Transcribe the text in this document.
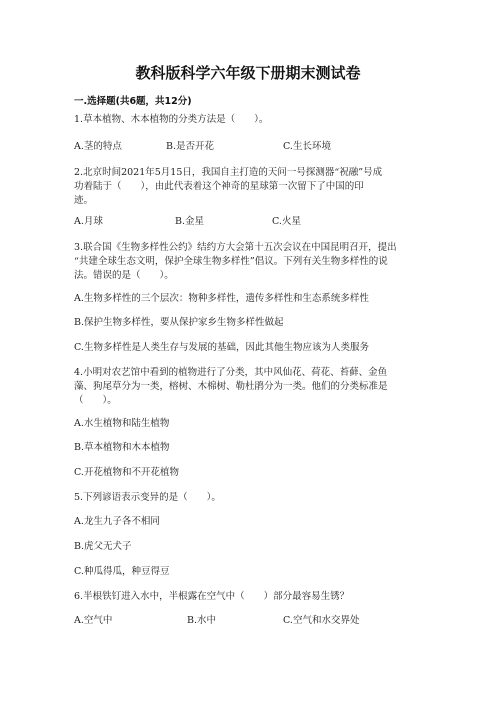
教科版科学六年级下册期末测试卷
一.选择题(共6题，共12分)
1.草本植物、木本植物的分类方法是（　　）。
A.茎的特点	B.是否开花	C.生长环境
2.北京时间2021年5月15日，我国自主打造的天问一号探测器“祝融”号成
功着陆于（　　），由此代表着这个神奇的星球第一次留下了中国的印
迹。
A.月球	B.金星	C.火星
3.联合国《生物多样性公约》结约方大会第十五次会议在中国昆明召开，提出
“共建全球生态文明，保护全球生物多样性”倡议。下列有关生物多样性的说
法。错误的是（　　）。
A.生物多样性的三个层次：物种多样性，遗传多样性和生态系统多样性
B.保护生物多样性，要从保护家乡生物多样性做起
C.生物多样性是人类生存与发展的基础，因此其他生物应该为人类服务
4.小明对农艺馆中看到的植物进行了分类，其中风仙花、荷花、苔藓、金鱼
藻、狗尾草分为一类，榕树、木棉树、勒杜鹃分为一类。他们的分类标准是
（　　）。
A.水生植物和陆生植物
B.草本植物和木本植物
C.开花植物和不开花植物
5.下列谚语表示变异的是（　　）。
A.龙生九子各不相同
B.虎父无犬子
C.种瓜得瓜，种豆得豆
6.半根铁钉进入水中，半根露在空气中（　　）部分最容易生锈？
A.空气中	B.水中	C.空气和水交界处
